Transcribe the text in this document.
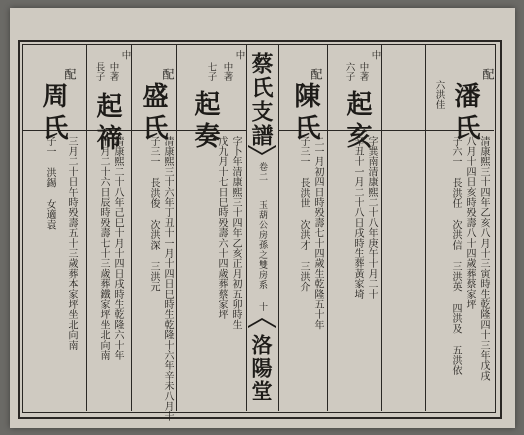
蔡氏支譜
卷二
玉葫公房孫之雙房系
十
洛陽堂
配
潘氏
六洪佳
清康熙三十四年乙亥八月十三寅時生乾隆四十三年戊戌
八月十四日亥時殁壽八十四歲葬蔡家坪
子六一 長洪任 次洪信 三洪英 四洪及 五洪依
中
中著
六子
起亥
配
陳氏
字巽南清康熙二十八年庚午十月二十
辛丑十一月二十八日戌時生葬黃家埼
二一月初四日時殁壽七十四歲生乾隆五十年
子三一 長洪世 次洪才 三洪介
中
中著
七子
起奏
配
盛氏
字卜年清康熙三十四年乙亥正月初五卯時生
戊九月十七日巳時殁壽六十四歲葬蔡家坪
清康熙三十六年丁丑十一月十四日巳時生乾隆十六年辛未八月十
子三一 長洪俊 次洪深 三洪元
中
中著
長子
起禘
配
周氏
清康熙二十八年己巳十月十四日戌時生乾隆六十年
十月二十六日辰時殁壽七十三歲葬鐵家坪坐北向南
三月二十日午時殁壽五十三歲葬本家坪坐北向南
子一 洪錫 女適袁
